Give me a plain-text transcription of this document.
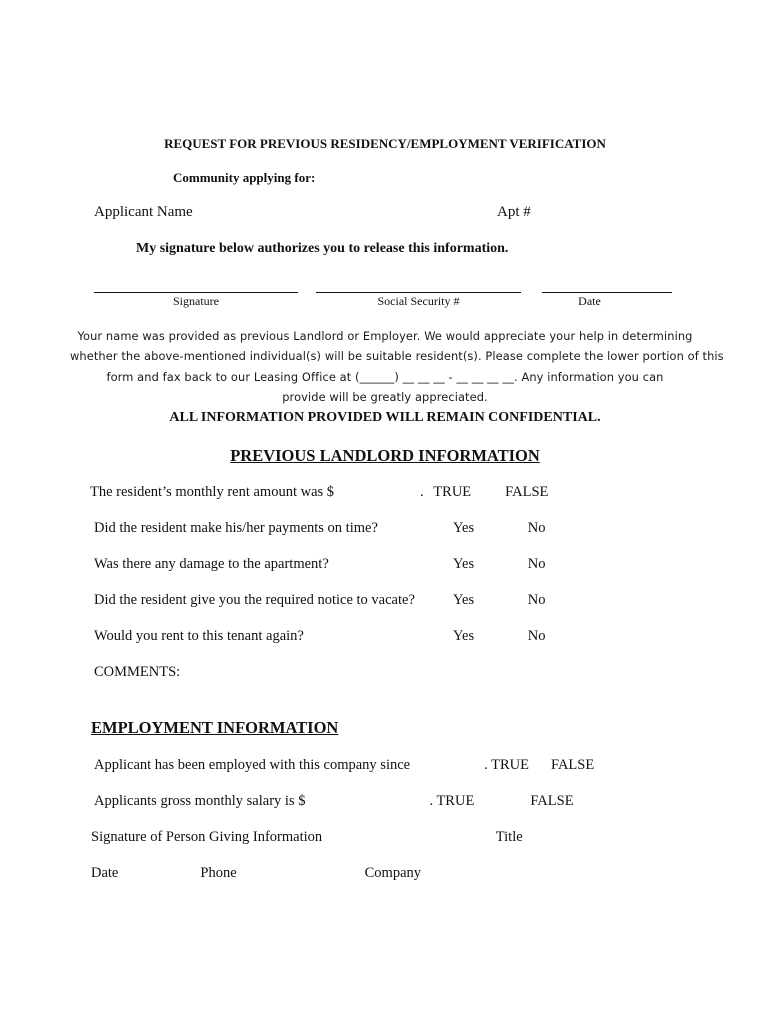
REQUEST FOR PREVIOUS RESIDENCY/EMPLOYMENT VERIFICATION
Community applying for:
Applicant Name	Apt #
My signature below authorizes you to release this information.
Signature	Social Security #	Date
Your name was provided as previous Landlord or Employer. We would appreciate your help in determining
whether the above-mentioned individual(s) will be suitable resident(s). Please complete the lower portion of this
form and fax back to our Leasing Office at (______) __ __ __ - __ __ __ __. Any information you can
provide will be greatly appreciated.
ALL INFORMATION PROVIDED WILL REMAIN CONFIDENTIAL.
PREVIOUS LANDLORD INFORMATION
The resident’s monthly rent amount was $	. TRUE FALSE
Did the resident make his/her payments on time?	Yes	No
Was there any damage to the apartment?	Yes	No
Did the resident give you the required notice to vacate?	Yes	No
Would you rent to this tenant again?	Yes	No
COMMENTS:
EMPLOYMENT INFORMATION
Applicant has been employed with this company since	. TRUE FALSE
Applicants gross monthly salary is $	. TRUE	FALSE
Signature of Person Giving Information	Title
Date	Phone	Company
